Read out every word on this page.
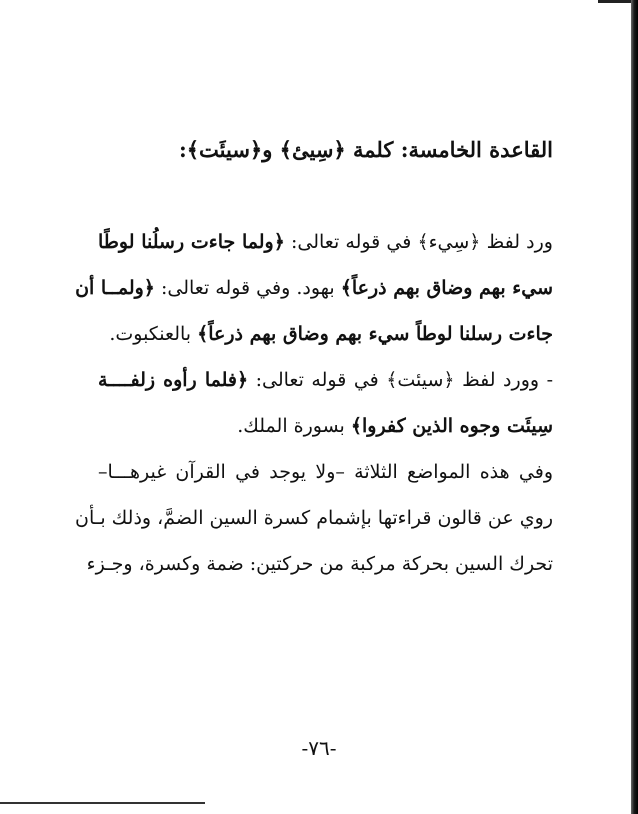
القاعدة الخامسة: كلمة ﴿سِيئ﴾ و﴿سيئَت﴾:
ورد لفظ ﴿سِيء﴾ في قوله تعالى: ﴿ولما جاءت رسلُنا لوطًا
سيء بهم وضاق بهم ذرعاً﴾ بهود. وفي قوله تعالى: ﴿ولمــا أن
جاءت رسلنا لوطاً سيء بهم وضاق بهم ذرعاً﴾ بالعنكبوت.
- وورد لفظ ﴿سيئت﴾ في قوله تعالى: ﴿فلما رأوه زلفــــة
سِيئَت وجوه الذين كفروا﴾ بسورة الملك.
وفي هذه المواضع الثلاثة –ولا يوجد في القرآن غيرهـــا–
روي عن قالون قراءتها بإشمام كسرة السين الضمَّ، وذلك بـأن
تحرك السين بحركة مركبة من حركتين: ضمة وكسرة، وجـزء
-٧٦-
